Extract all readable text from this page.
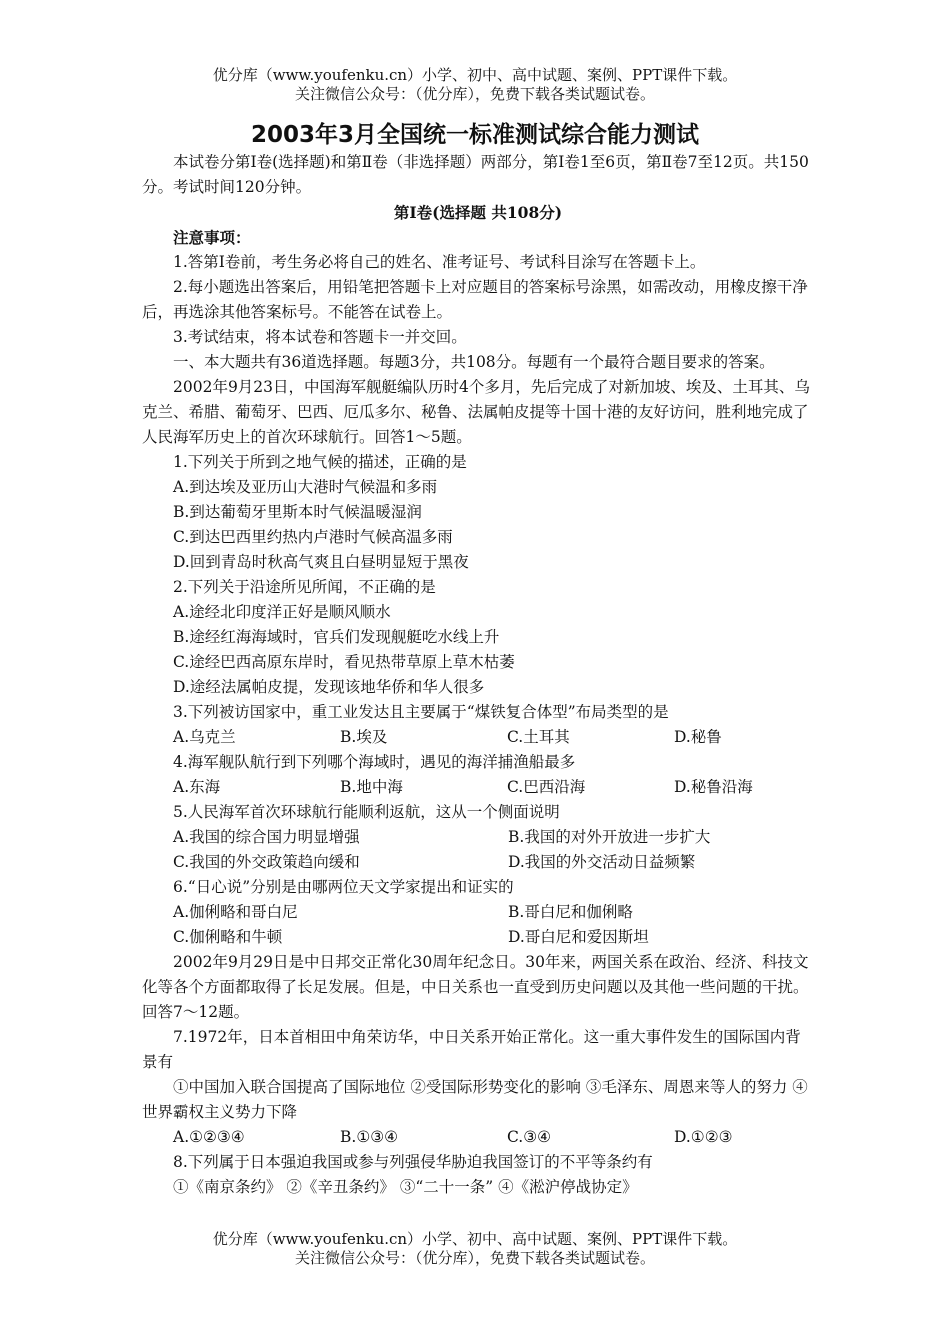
优分库（www.youfenku.cn）小学、初中、高中试题、案例、PPT课件下载。
关注微信公众号：（优分库），免费下载各类试题试卷。
2003年3月全国统一标准测试综合能力测试

本试卷分第Ⅰ卷(选择题)和第Ⅱ卷（非选择题）两部分，第Ⅰ卷1至6页，第Ⅱ卷7至12页。共150分。考试时间120分钟。

第Ⅰ卷(选择题 共108分)

注意事项：

1.答第Ⅰ卷前，考生务必将自己的姓名、准考证号、考试科目涂写在答题卡上。

2.每小题选出答案后，用铅笔把答题卡上对应题目的答案标号涂黑，如需改动，用橡皮擦干净后，再选涂其他答案标号。不能答在试卷上。

3.考试结束，将本试卷和答题卡一并交回。

一、本大题共有36道选择题。每题3分，共108分。每题有一个最符合题目要求的答案。

2002年9月23日，中国海军舰艇编队历时4个多月，先后完成了对新加坡、埃及、土耳其、乌克兰、希腊、葡萄牙、巴西、厄瓜多尔、秘鲁、法属帕皮提等十国十港的友好访问，胜利地完成了人民海军历史上的首次环球航行。回答1～5题。

1.下列关于所到之地气候的描述，正确的是

A.到达埃及亚历山大港时气候温和多雨

B.到达葡萄牙里斯本时气候温暖湿润

C.到达巴西里约热内卢港时气候高温多雨

D.回到青岛时秋高气爽且白昼明显短于黑夜

2.下列关于沿途所见所闻，不正确的是

A.途经北印度洋正好是顺风顺水

B.途经红海海域时，官兵们发现舰艇吃水线上升

C.途经巴西高原东岸时，看见热带草原上草木枯萎

D.途经法属帕皮提，发现该地华侨和华人很多

3.下列被访国家中，重工业发达且主要属于“煤铁复合体型”布局类型的是

A.乌克兰	B.埃及	C.土耳其	D.秘鲁

4.海军舰队航行到下列哪个海域时，遇见的海洋捕渔船最多

A.东海	B.地中海	C.巴西沿海	D.秘鲁沿海

5.人民海军首次环球航行能顺利返航，这从一个侧面说明

A.我国的综合国力明显增强	B.我国的对外开放进一步扩大
C.我国的外交政策趋向缓和	D.我国的外交活动日益频繁

6.“日心说”分别是由哪两位天文学家提出和证实的

A.伽俐略和哥白尼	B.哥白尼和伽俐略
C.伽俐略和牛顿	D.哥白尼和爱因斯坦

2002年9月29日是中日邦交正常化30周年纪念日。30年来，两国关系在政治、经济、科技文化等各个方面都取得了长足发展。但是，中日关系也一直受到历史问题以及其他一些问题的干扰。回答7～12题。

7.1972年，日本首相田中角荣访华，中日关系开始正常化。这一重大事件发生的国际国内背景有

①中国加入联合国提高了国际地位 ②受国际形势变化的影响 ③毛泽东、周恩来等人的努力 ④世界霸权主义势力下降

A.①②③④	B.①③④	C.③④	D.①②③

8.下列属于日本强迫我国或参与列强侵华胁迫我国签订的不平等条约有

①《南京条约》 ②《辛丑条约》 ③“二十一条” ④《淞沪停战协定》

优分库（www.youfenku.cn）小学、初中、高中试题、案例、PPT课件下载。
关注微信公众号：（优分库），免费下载各类试题试卷。
